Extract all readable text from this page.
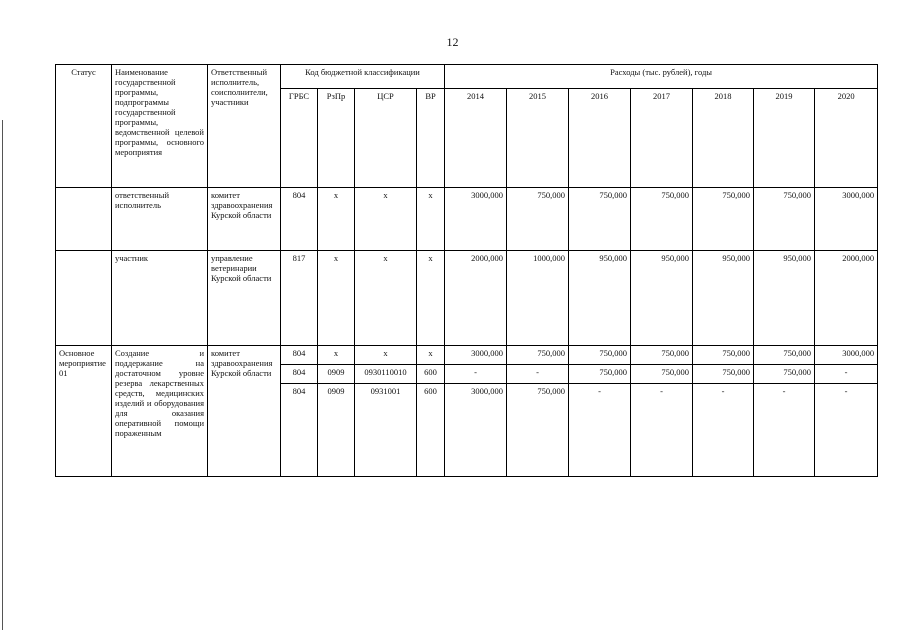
12
Статус	Наименование государственной программы, подпрограммы государственной программы, ведомственной целевой программы, основного мероприятия	Ответственный исполнитель, соисполнители, участники	Код бюджетной классификации				Расходы (тыс. рублей), годы						
			ГРБС	РзПр	ЦСР	ВР	2014	2015	2016	2017	2018	2019	2020
	ответственный исполнитель	комитет здравоохранения Курской области	804	х	х	х	3000,000	750,000	750,000	750,000	750,000	750,000	3000,000
	участник	управление ветеринарии Курской области	817	х	х	х	2000,000	1000,000	950,000	950,000	950,000	950,000	2000,000
Основное мероприятие 01	Создание и поддержание на достаточном уровне резерва лекарственных средств, медицинских изделий и оборудования для оказания оперативной помощи пораженным	комитет здравоохранения Курской области	804	х	х	х	3000,000	750,000	750,000	750,000	750,000	750,000	3000,000
			804	0909	0930110010	600	-	-	750,000	750,000	750,000	750,000	-
			804	0909	0931001	600	3000,000	750,000	-	-	-	-	-
